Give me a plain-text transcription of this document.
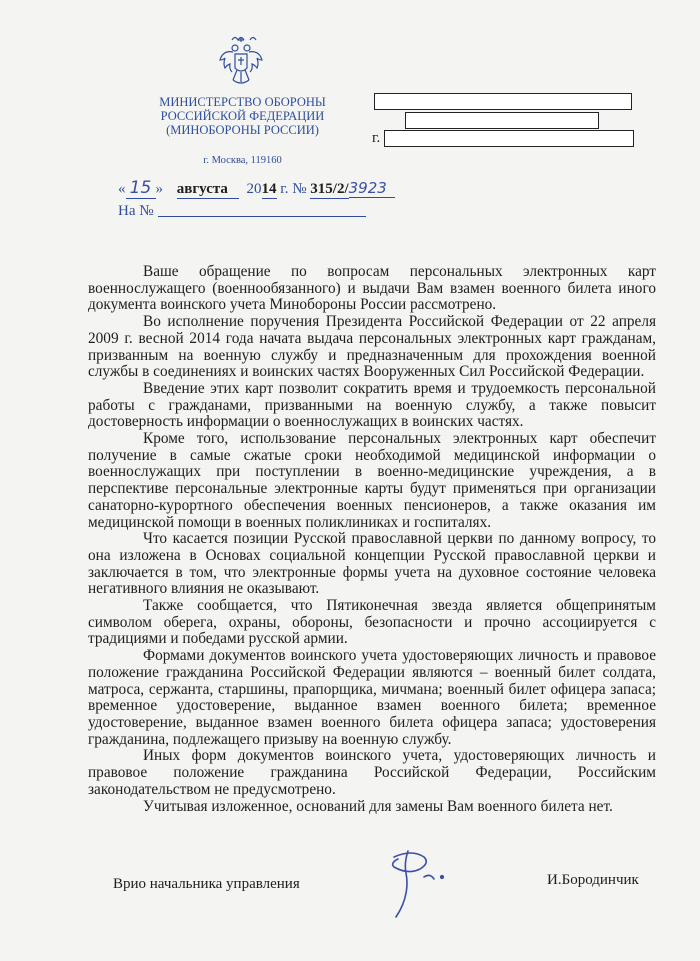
МИНИСТЕРСТВО ОБОРОНЫ
РОССИЙСКОЙ ФЕДЕРАЦИИ
(МИНОБОРОНЫ РОССИИ)
г. Москва, 119160
г.
« 15 » августа 2014 г. № 315/2/3923
На №

Ваше обращение по вопросам персональных электронных карт военнослужащего (военнообязанного) и выдачи Вам взамен военного билета иного документа воинского учета Минобороны России рассмотрено.

Во исполнение поручения Президента Российской Федерации от 22 апреля 2009 г. весной 2014 года начата выдача персональных электронных карт гражданам, призванным на военную службу и предназначенным для прохождения военной службы в соединениях и воинских частях Вооруженных Сил Российской Федерации.

Введение этих карт позволит сократить время и трудоемкость персональной работы с гражданами, призванными на военную службу, а также повысит достоверность информации о военнослужащих в воинских частях.

Кроме того, использование персональных электронных карт обеспечит получение в самые сжатые сроки необходимой медицинской информации о военнослужащих при поступлении в военно-медицинские учреждения, а в перспективе персональные электронные карты будут применяться при организации санаторно-курортного обеспечения военных пенсионеров, а также оказания им медицинской помощи в военных поликлиниках и госпиталях.

Что касается позиции Русской православной церкви по данному вопросу, то она изложена в Основах социальной концепции Русской православной церкви и заключается в том, что электронные формы учета на духовное состояние человека негативного влияния не оказывают.

Также сообщается, что Пятиконечная звезда является общепринятым символом оберега, охраны, обороны, безопасности и прочно ассоциируется с традициями и победами русской армии.

Формами документов воинского учета удостоверяющих личность и правовое положение гражданина Российской Федерации являются – военный билет солдата, матроса, сержанта, старшины, прапорщика, мичмана; военный билет офицера запаса; временное удостоверение, выданное взамен военного билета; временное удостоверение, выданное взамен военного билета офицера запаса; удостоверения гражданина, подлежащего призыву на военную службу.

Иных форм документов воинского учета, удостоверяющих личность и правовое положение гражданина Российской Федерации, Российским законодательством не предусмотрено.

Учитывая изложенное, оснований для замены Вам военного билета нет.

Врио начальника управления	И.Бородинчик
